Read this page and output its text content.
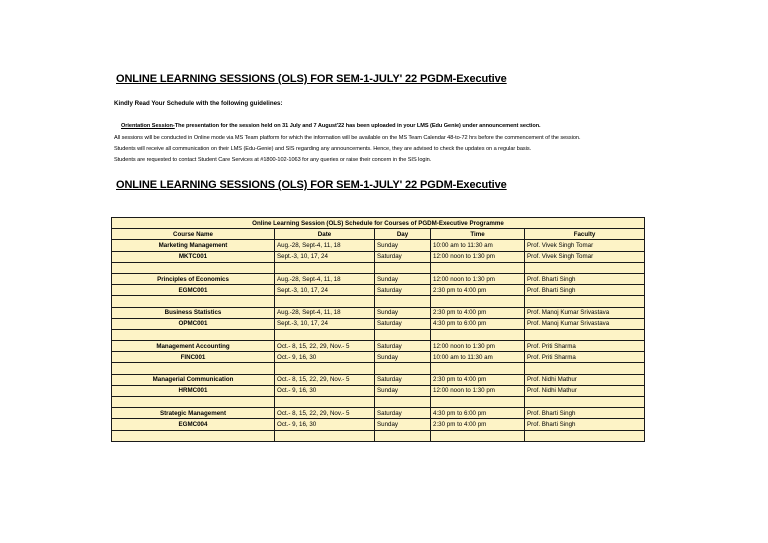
ONLINE LEARNING SESSIONS (OLS) FOR SEM-1-JULY' 22 PGDM-Executive
Kindly Read Your Schedule with the following guidelines:
Orientation Session-The presentation for the session held on 31 July and 7 August'22 has been uploaded in your LMS (Edu Genie) under announcement section.
All sessions will be conducted in Online mode via MS Team platform for which the information will be available on the MS Team Calendar 48-to-72 hrs before the commencement of the session.
Students will receive all communication on their LMS (Edu-Genie) and SIS regarding any announcements. Hence, they are advised to check the updates on a regular basis.
Students are requested to contact Student Care Services at #1800-102-1063 for any queries or raise their concern in the SIS login.
ONLINE LEARNING SESSIONS (OLS) FOR SEM-1-JULY' 22 PGDM-Executive
Online Learning Session (OLS) Schedule for Courses of PGDM-Executive Programme				
Course Name	Date	Day	Time	Faculty
Marketing Management	Aug.-28, Sept-4, 11, 18	Sunday	10:00 am to 11:30 am	Prof. Vivek Singh Tomar
MKTC001	Sept.-3, 10, 17, 24	Saturday	12:00 noon to 1:30 pm	Prof. Vivek Singh Tomar

Principles of Economics	Aug.-28, Sept-4, 11, 18	Sunday	12:00 noon to 1:30 pm	Prof. Bharti Singh
EGMC001	Sept.-3, 10, 17, 24	Saturday	2:30 pm to 4:00 pm	Prof. Bharti Singh

Business Statistics	Aug.-28, Sept-4, 11, 18	Sunday	2:30 pm to 4:00 pm	Prof. Manoj Kumar Srivastava
OPMC001	Sept.-3, 10, 17, 24	Saturday	4:30 pm to 6:00 pm	Prof. Manoj Kumar Srivastava

Management Accounting	Oct.- 8, 15, 22, 29, Nov.- 5	Saturday	12:00 noon to 1:30 pm	Prof. Priti Sharma
FINC001	Oct.- 9, 16, 30	Sunday	10:00 am to 11:30 am	Prof. Priti Sharma

Managerial Communication	Oct.- 8, 15, 22, 29, Nov.- 5	Saturday	2:30 pm to 4:00 pm	Prof. Nidhi Mathur
HRMC001	Oct.- 9, 16, 30	Sunday	12:00 noon to 1:30 pm	Prof. Nidhi Mathur

Strategic Management	Oct.- 8, 15, 22, 29, Nov.- 5	Saturday	4:30 pm to 6:00 pm	Prof. Bharti Singh
EGMC004	Oct.- 9, 16, 30	Sunday	2:30 pm to 4:00 pm	Prof. Bharti Singh
